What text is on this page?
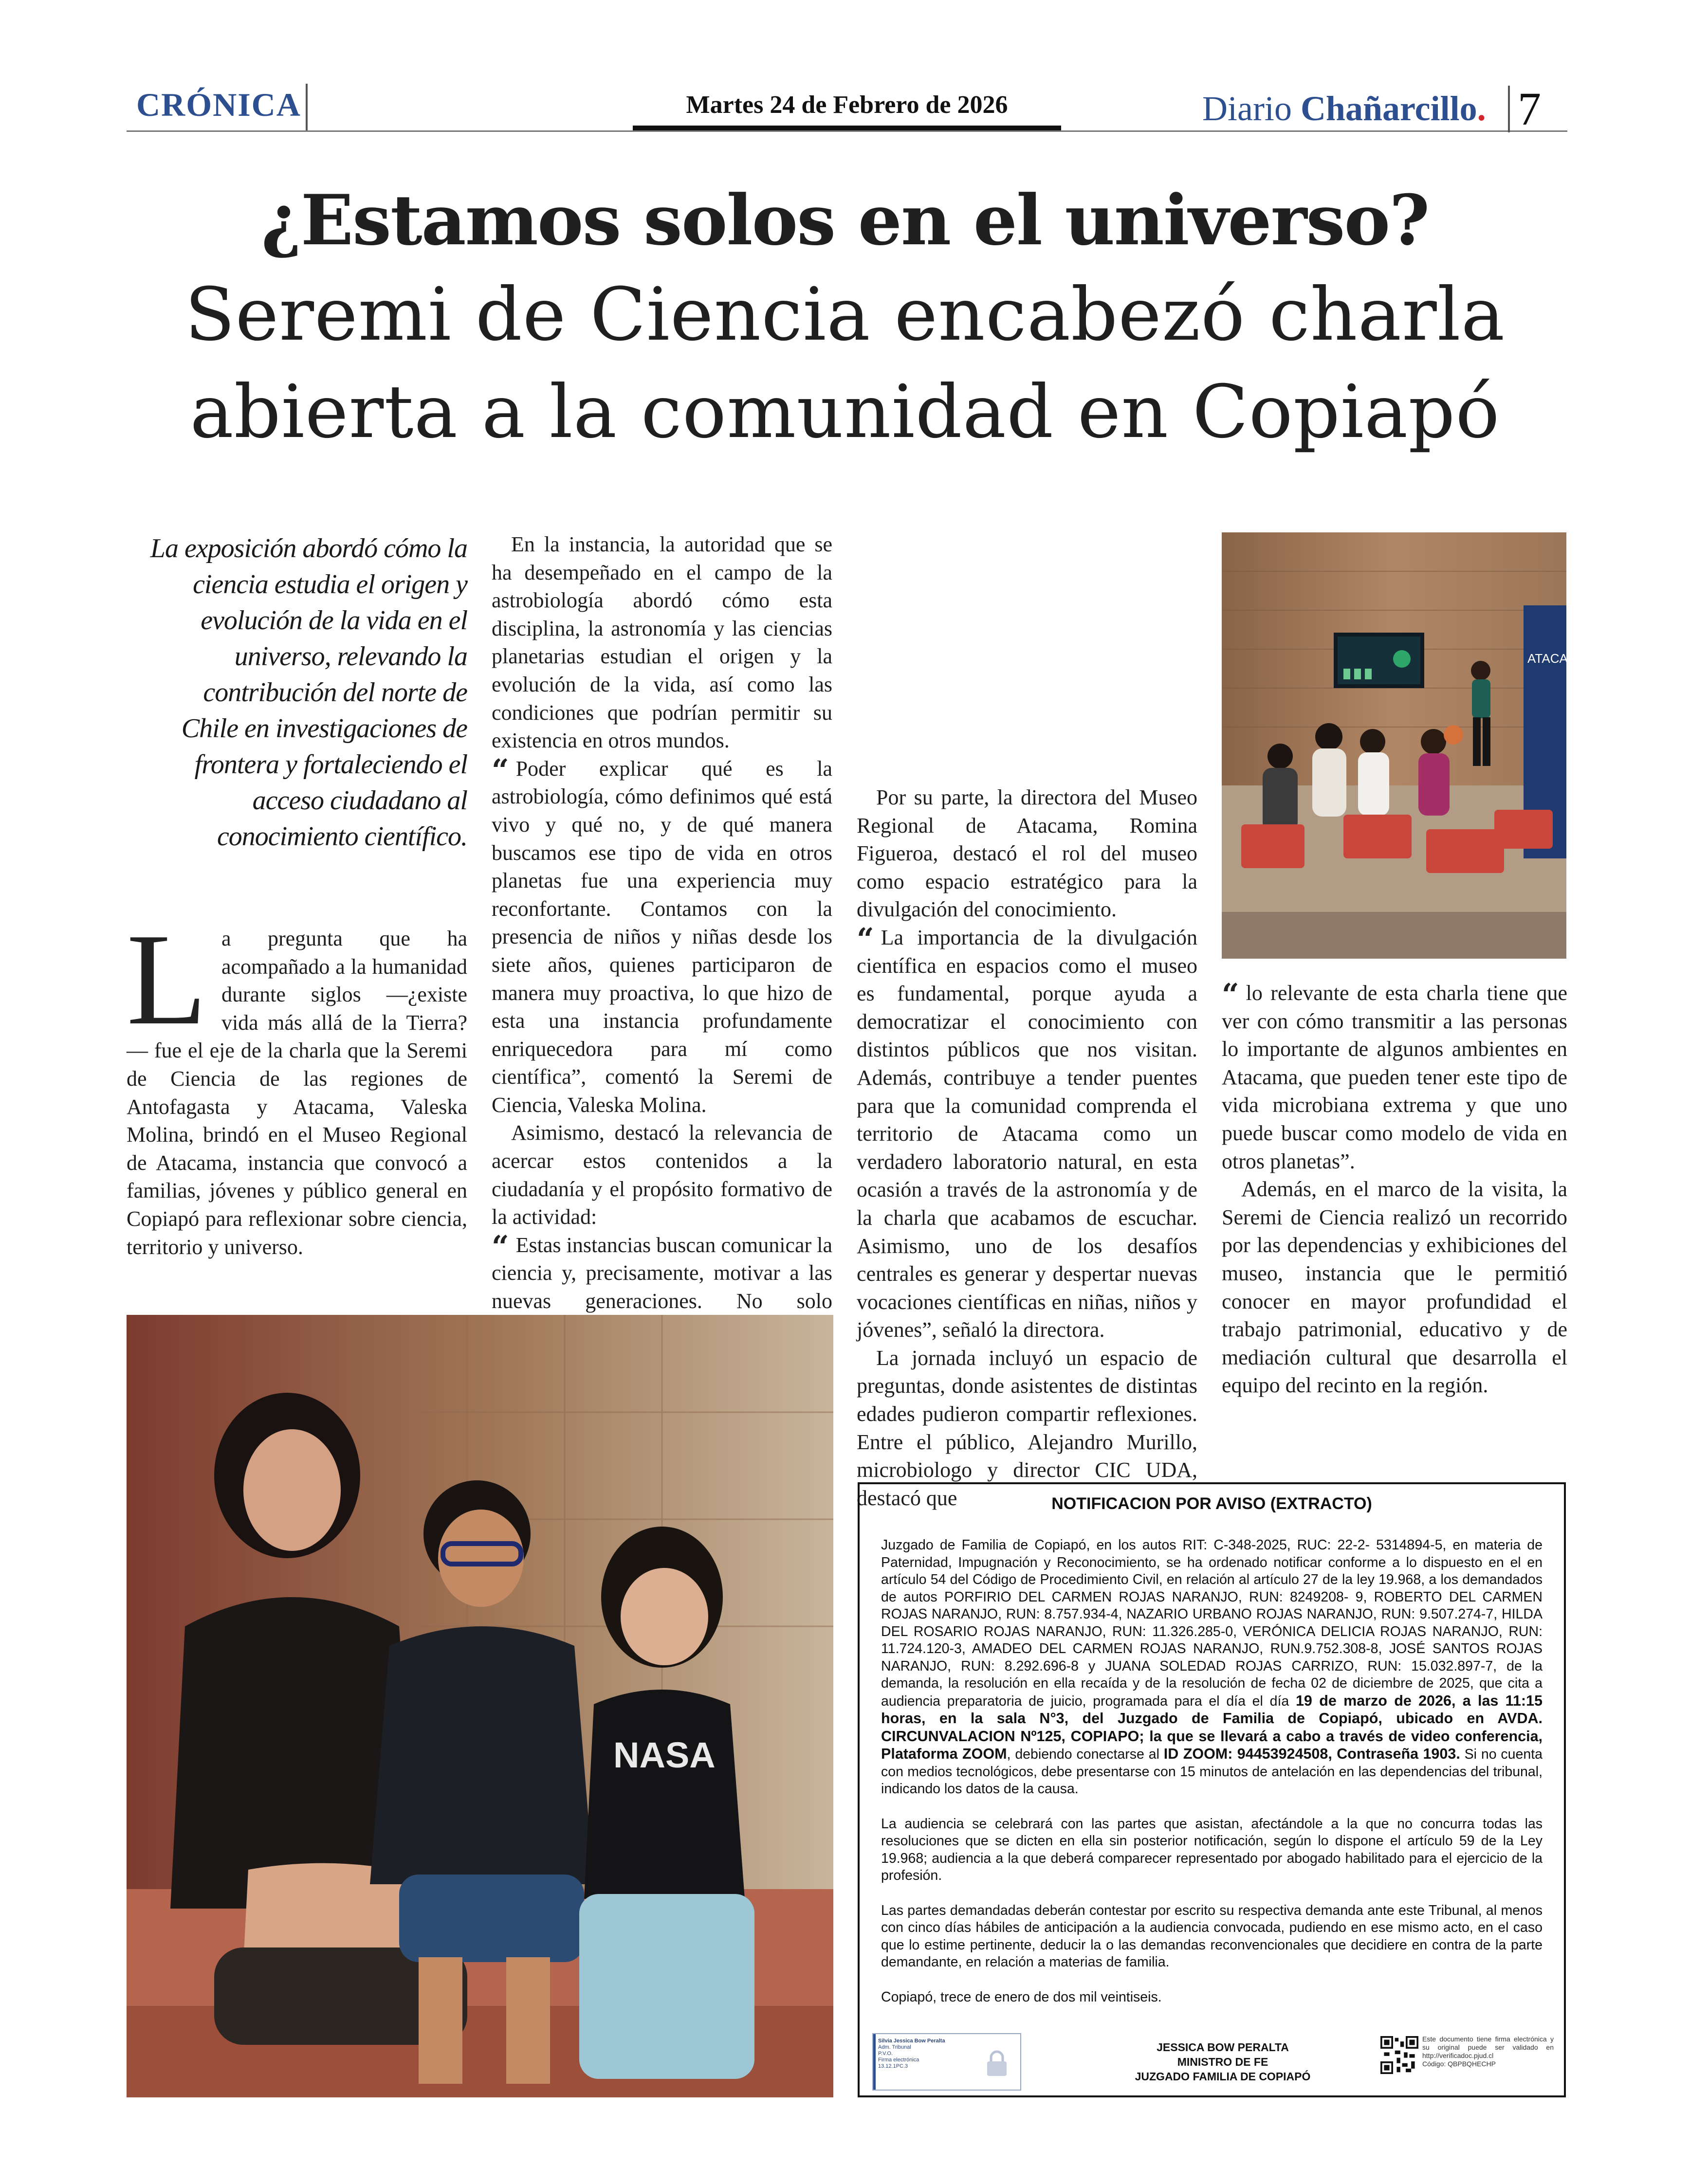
CRÓNICA	Martes 24 de Febrero de 2026	Diario Chañarcillo. 7
¿Estamos solos en el universo?
Seremi de Ciencia encabezó charla
abierta a la comunidad en Copiapó
La exposición abordó cómo la ciencia estudia el origen y evolución de la vida en el universo, relevando la contribución del norte de Chile en investigaciones de frontera y fortaleciendo el acceso ciudadano al conocimiento científico.
L a pregunta que ha acompañado a la humanidad durante siglos —¿existe vida más allá de la Tierra?— fue el eje de la charla que la Seremi de Ciencia de las regiones de Antofagasta y Atacama, Valeska Molina, brindó en el Museo Regional de Atacama, instancia que convocó a familias, jóvenes y público general en Copiapó para reflexionar sobre ciencia, territorio y universo.

En la instancia, la autoridad que se ha desempeñado en el campo de la astrobiología abordó cómo esta disciplina, la astronomía y las ciencias planetarias estudian el origen y la evolución de la vida, así como las condiciones que podrían permitir su existencia en otros mundos.

“ Poder explicar qué es la astrobiología, cómo definimos qué está vivo y qué no, y de qué manera buscamos ese tipo de vida en otros planetas fue una experiencia muy reconfortante. Contamos con la presencia de niños y niñas desde los siete años, quienes participaron de manera muy proactiva, lo que hizo de esta una instancia profundamente enriquecedora para mí como científica”, comentó la Seremi de Ciencia, Valeska Molina.

Asimismo, destacó la relevancia de acercar estos contenidos a la ciudadanía y el propósito formativo de la actividad:

“ Estas instancias buscan comunicar la ciencia y, precisamente, motivar a las nuevas generaciones. No solo

Por su parte, la directora del Museo Regional de Atacama, Romina Figueroa, destacó el rol del museo como espacio estratégico para la divulgación del conocimiento.

“ La importancia de la divulgación científica en espacios como el museo es fundamental, porque ayuda a democratizar el conocimiento con distintos públicos que nos visitan. Además, contribuye a tender puentes para que la comunidad comprenda el territorio de Atacama como un verdadero laboratorio natural, en esta ocasión a través de la astronomía y de la charla que acabamos de escuchar. Asimismo, uno de los desafíos centrales es generar y despertar nuevas vocaciones científicas en niñas, niños y jóvenes”, señaló la directora.

La jornada incluyó un espacio de preguntas, donde asistentes de distintas edades pudieron compartir reflexiones. Entre el público, Alejandro Murillo, microbiologo y director CIC UDA, destacó que

“ lo relevante de esta charla tiene que ver con cómo transmitir a las personas lo importante de algunos ambientes en Atacama, que pueden tener este tipo de vida microbiana extrema y que uno puede buscar como modelo de vida en otros planetas”.

Además, en el marco de la visita, la Seremi de Ciencia realizó un recorrido por las dependencias y exhibiciones del museo, instancia que le permitió conocer en mayor profundidad el trabajo patrimonial, educativo y de mediación cultural que desarrolla el equipo del recinto en la región.

ATACA
NASA
NOTIFICACION POR AVISO (EXTRACTO)

Juzgado de Familia de Copiapó, en los autos RIT: C-348-2025, RUC: 22-2- 5314894-5, en materia de Paternidad, Impugnación y Reconocimiento, se ha ordenado notificar conforme a lo dispuesto en el en artículo 54 del Código de Procedimiento Civil, en relación al artículo 27 de la ley 19.968, a los demandados de autos PORFIRIO DEL CARMEN ROJAS NARANJO, RUN: 8249208- 9, ROBERTO DEL CARMEN ROJAS NARANJO, RUN: 8.757.934-4, NAZARIO URBANO ROJAS NARANJO, RUN: 9.507.274-7, HILDA DEL ROSARIO ROJAS NARANJO, RUN: 11.326.285-0, VERÓNICA DELICIA ROJAS NARANJO, RUN: 11.724.120-3, AMADEO DEL CARMEN ROJAS NARANJO, RUN.9.752.308-8, JOSÉ SANTOS ROJAS NARANJO, RUN: 8.292.696-8 y JUANA SOLEDAD ROJAS CARRIZO, RUN: 15.032.897-7, de la demanda, la resolución en ella recaída y de la resolución de fecha 02 de diciembre de 2025, que cita a audiencia preparatoria de juicio, programada para el día el día 19 de marzo de 2026, a las 11:15 horas, en la sala N°3, del Juzgado de Familia de Copiapó, ubicado en AVDA. CIRCUNVALACION Nº125, COPIAPO; la que se llevará a cabo a través de video conferencia, Plataforma ZOOM, debiendo conectarse al ID ZOOM: 94453924508, Contraseña 1903. Si no cuenta con medios tecnológicos, debe presentarse con 15 minutos de antelación en las dependencias del tribunal, indicando los datos de la causa.

La audiencia se celebrará con las partes que asistan, afectándole a la que no concurra todas las resoluciones que se dicten en ella sin posterior notificación, según lo dispone el artículo 59 de la Ley 19.968; audiencia a la que deberá comparecer representado por abogado habilitado para el ejercicio de la profesión.

Las partes demandadas deberán contestar por escrito su respectiva demanda ante este Tribunal, al menos con cinco días hábiles de anticipación a la audiencia convocada, pudiendo en ese mismo acto, en el caso que lo estime pertinente, deducir la o las demandas reconvencionales que decidiere en contra de la parte demandante, en relación a materias de familia.

Copiapó, trece de enero de dos mil veintiseis.

Silvia Jessica Bow Peralta
Adm. Tribunal
P.V.O.
Firma electrónica
13.12.1PC.3
JESSICA BOW PERALTA
MINISTRO DE FE
JUZGADO FAMILIA DE COPIAPÓ
Este documento tiene firma electrónica y su original puede ser validado en http://verificadoc.pjud.cl
Código: QBPBQHECHP
